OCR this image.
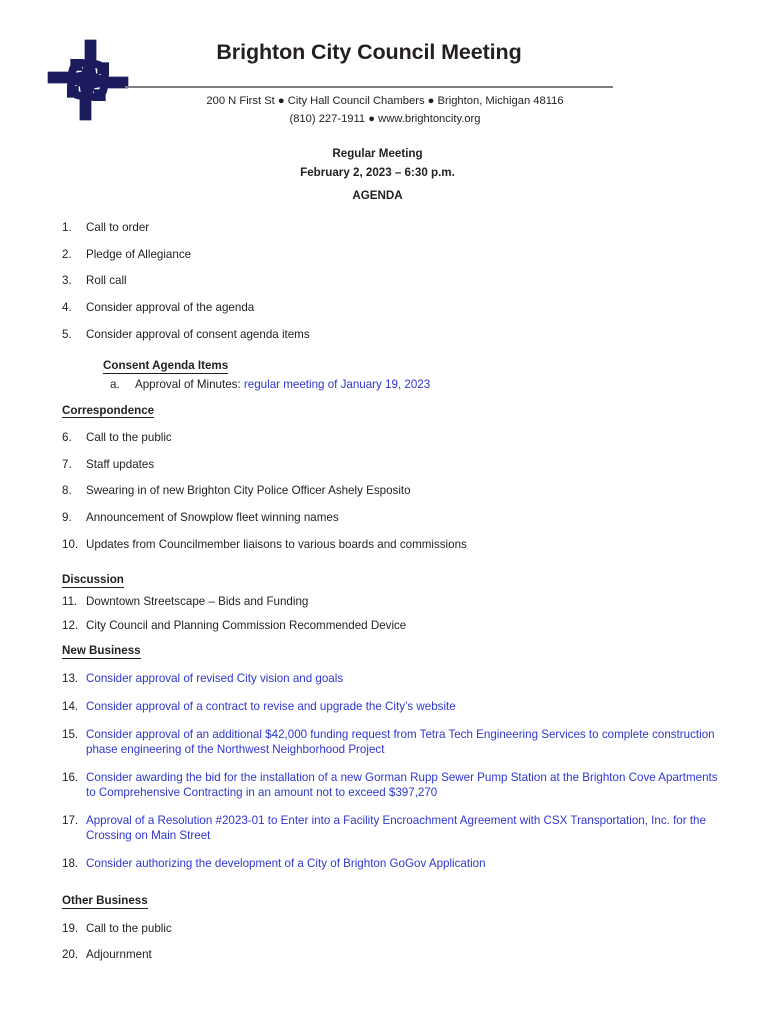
Brighton City Council Meeting
200 N First St ● City Hall Council Chambers ● Brighton, Michigan 48116
(810) 227-1911 ● www.brightoncity.org
Regular Meeting
February 2, 2023 – 6:30 p.m.
AGENDA
1.	Call to order
2.	Pledge of Allegiance
3.	Roll call
4.	Consider approval of the agenda
5.	Consider approval of consent agenda items
Consent Agenda Items
a. Approval of Minutes: regular meeting of January 19, 2023
Correspondence
6.	Call to the public
7.	Staff updates
8.	Swearing in of new Brighton City Police Officer Ashely Esposito
9.	Announcement of Snowplow fleet winning names
10. Updates from Councilmember liaisons to various boards and commissions
Discussion
11. Downtown Streetscape – Bids and Funding
12. City Council and Planning Commission Recommended Device
New Business
13. Consider approval of revised City vision and goals
14. Consider approval of a contract to revise and upgrade the City’s website
15. Consider approval of an additional $42,000 funding request from Tetra Tech Engineering Services to complete construction phase engineering of the Northwest Neighborhood Project
16. Consider awarding the bid for the installation of a new Gorman Rupp Sewer Pump Station at the Brighton Cove Apartments to Comprehensive Contracting in an amount not to exceed $397,270
17. Approval of a Resolution #2023-01 to Enter into a Facility Encroachment Agreement with CSX Transportation, Inc. for the Crossing on Main Street
18. Consider authorizing the development of a City of Brighton GoGov Application
Other Business
19. Call to the public
20. Adjournment
